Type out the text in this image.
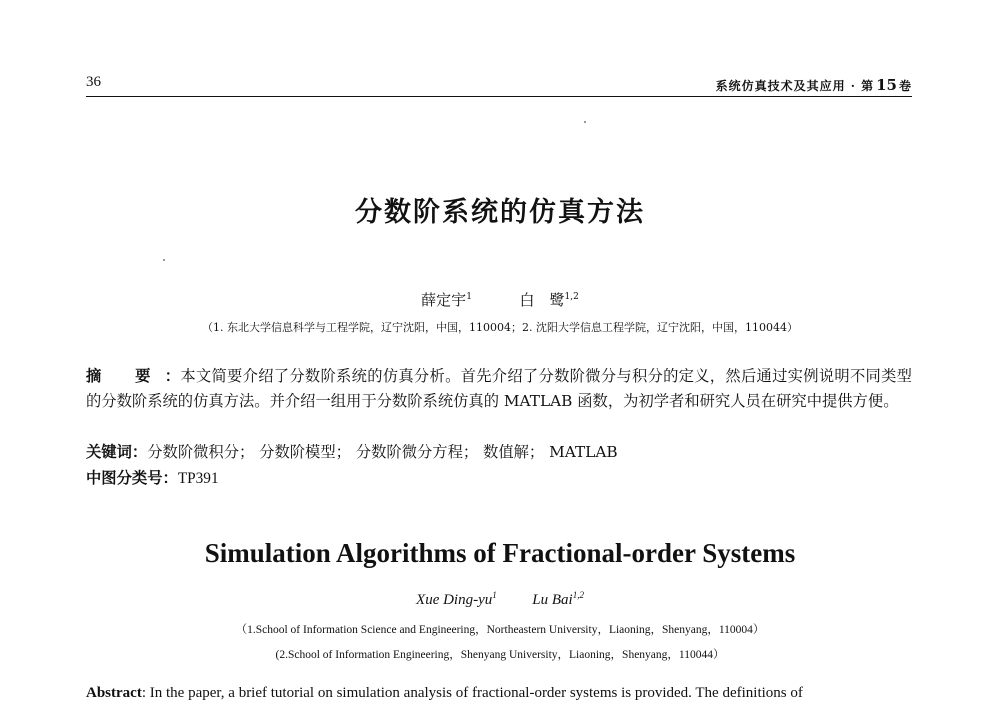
36	系统仿真技术及其应用 · 第 15 卷
分数阶系统的仿真方法
薛定宇$^1$	白　鹭$^{1,2}$
（1. 东北大学信息科学与工程学院，辽宁沈阳，中国，110004；2. 沈阳大学信息工程学院，辽宁沈阳，中国，110044）
摘 要：本文简要介绍了分数阶系统的仿真分析。首先介绍了分数阶微分与积分的定义，然后通过实例说明不同类型的分数阶系统的仿真方法。并介绍一组用于分数阶系统仿真的 MATLAB 函数，为初学者和研究人员在研究中提供方便。
关键词：分数阶微积分； 分数阶模型； 分数阶微分方程； 数值解； MATLAB
中图分类号：TP391
Simulation Algorithms of Fractional-order Systems
Xue Ding-$yu^1$ Lu Bai$^{1,2}$
（1.School of Information Science and Engineering，Northeastern University，Liaoning，Shenyang，110004）
(2.School of Information Engineering，Shenyang University，Liaoning，Shenyang，110044）
Abstract: In the paper, a brief tutorial on simulation analysis of fractional-order systems is provided. The definitions of
